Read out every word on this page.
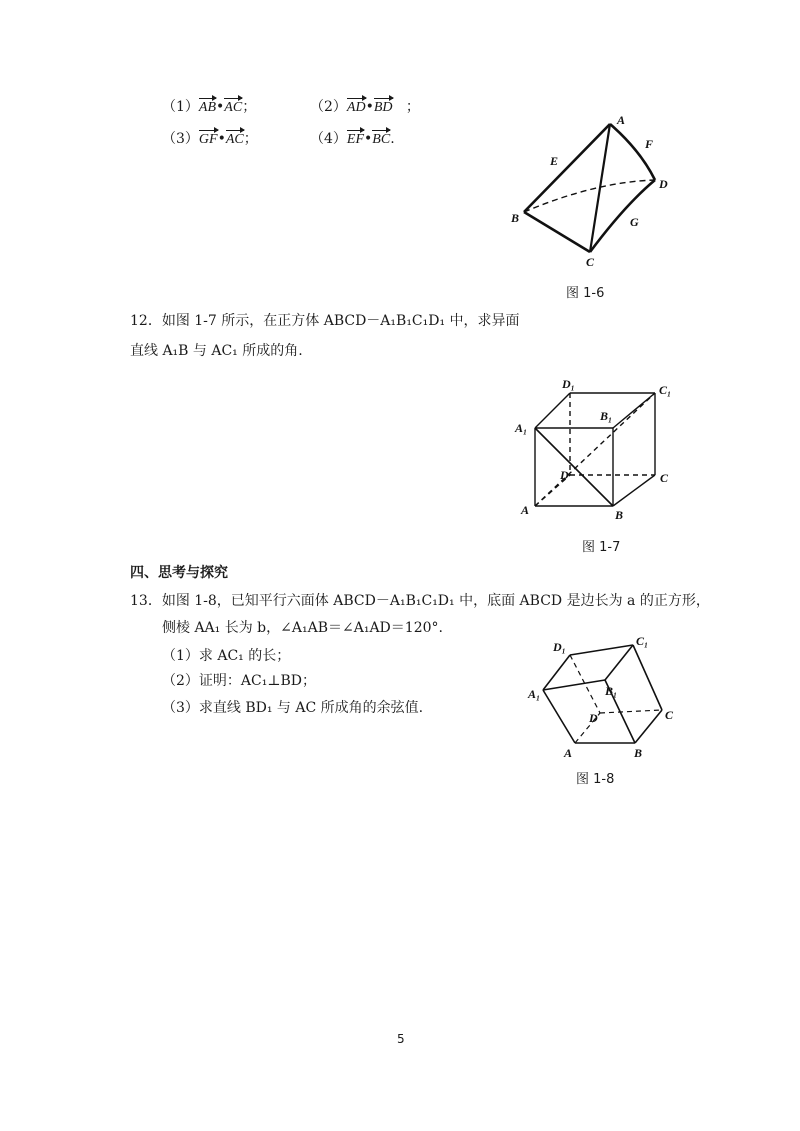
（1）AB•AC；	（2）AD•BD ；
（3）GF•AC；	（4）EF•BC.
A
B
C
D
E
F
G
图 1-6
12．如图 1-7 所示，在正方体 ABCD－A₁B₁C₁D₁ 中，求异面
直线 A₁B 与 AC₁ 所成的角.
D₁	C₁
B₁
A₁
D	C
A	B
图 1-7
四、思考与探究
13．如图 1-8，已知平行六面体 ABCD－A₁B₁C₁D₁ 中，底面 ABCD 是边长为 a 的正方形，
侧棱 AA₁ 长为 b，∠A₁AB＝∠A₁AD＝120°.
（1）求 AC₁ 的长；
（2）证明：AC₁⊥BD；
（3）求直线 BD₁ 与 AC 所成角的余弦值.
D₁	C₁
A₁	B₁
D	C
A	B
图 1-8
5
